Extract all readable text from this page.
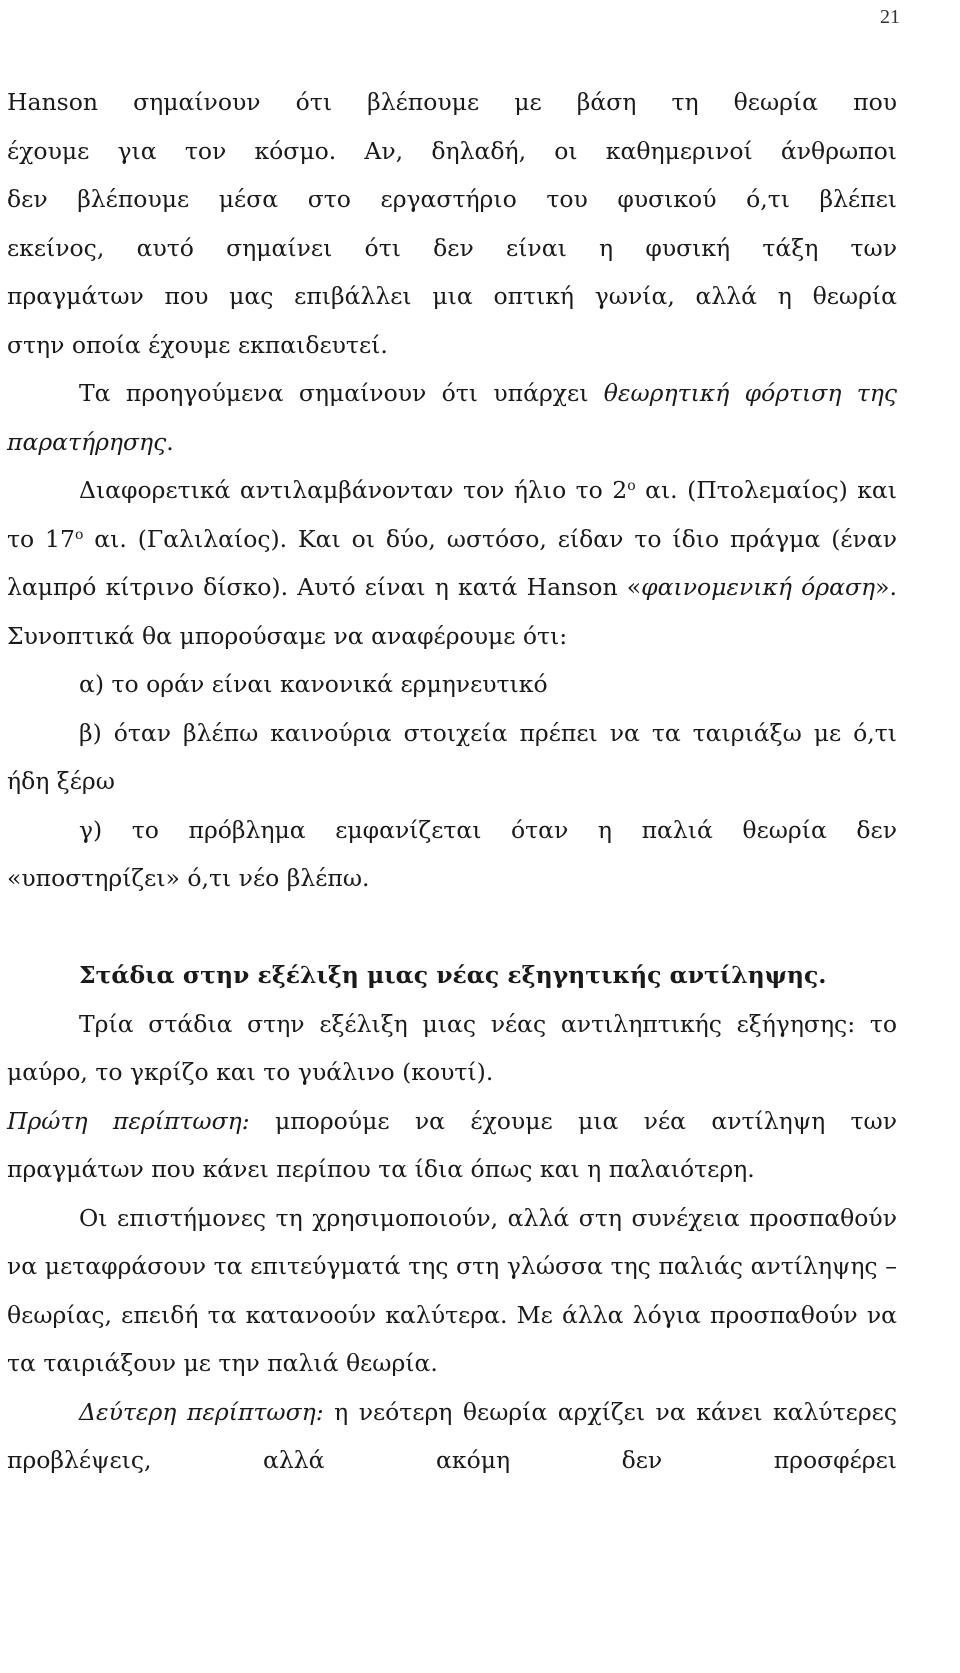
21
Hanson σημαίνουν ότι βλέπουμε με βάση τη θεωρία που
έχουμε για τον κόσμο. Αν, δηλαδή, οι καθημερινοί άνθρωποι
δεν βλέπουμε μέσα στο εργαστήριο του φυσικού ό,τι βλέπει
εκείνος, αυτό σημαίνει ότι δεν είναι η φυσική τάξη των
πραγμάτων που μας επιβάλλει μια οπτική γωνία, αλλά η θεωρία
στην οποία έχουμε εκπαιδευτεί.

Τα προηγούμενα σημαίνουν ότι υπάρχει θεωρητική φόρτιση της παρατήρησης.

Διαφορετικά αντιλαμβάνονταν τον ήλιο το $2^o$ αι. (Πτολεμαίος) και το $17^o$ αι. (Γαλιλαίος). Και οι δύο, ωστόσο, είδαν το ίδιο πράγμα (έναν λαμπρό κίτρινο δίσκο). Αυτό είναι η κατά Hanson «φαινομενική όραση». Συνοπτικά θα μπορούσαμε να αναφέρουμε ότι:

α) το οράν είναι κανονικά ερμηνευτικό

β) όταν βλέπω καινούρια στοιχεία πρέπει να τα ταιριάξω με ό,τι ήδη ξέρω

γ) το πρόβλημα εμφανίζεται όταν η παλιά θεωρία δεν «υποστηρίζει» ό,τι νέο βλέπω.

Στάδια στην εξέλιξη μιας νέας εξηγητικής αντίληψης.

Τρία στάδια στην εξέλιξη μιας νέας αντιληπτικής εξήγησης: το μαύρο, το γκρίζο και το γυάλινο (κουτί).

Πρώτη περίπτωση: μπορούμε να έχουμε μια νέα αντίληψη των πραγμάτων που κάνει περίπου τα ίδια όπως και η παλαιότερη.

Οι επιστήμονες τη χρησιμοποιούν, αλλά στη συνέχεια προσπαθούν να μεταφράσουν τα επιτεύγματά της στη γλώσσα της παλιάς αντίληψης – θεωρίας, επειδή τα κατανοούν καλύτερα. Με άλλα λόγια προσπαθούν να τα ταιριάξουν με την παλιά θεωρία.

Δεύτερη περίπτωση: η νεότερη θεωρία αρχίζει να κάνει καλύτερες προβλέψεις, αλλά ακόμη δεν προσφέρει
